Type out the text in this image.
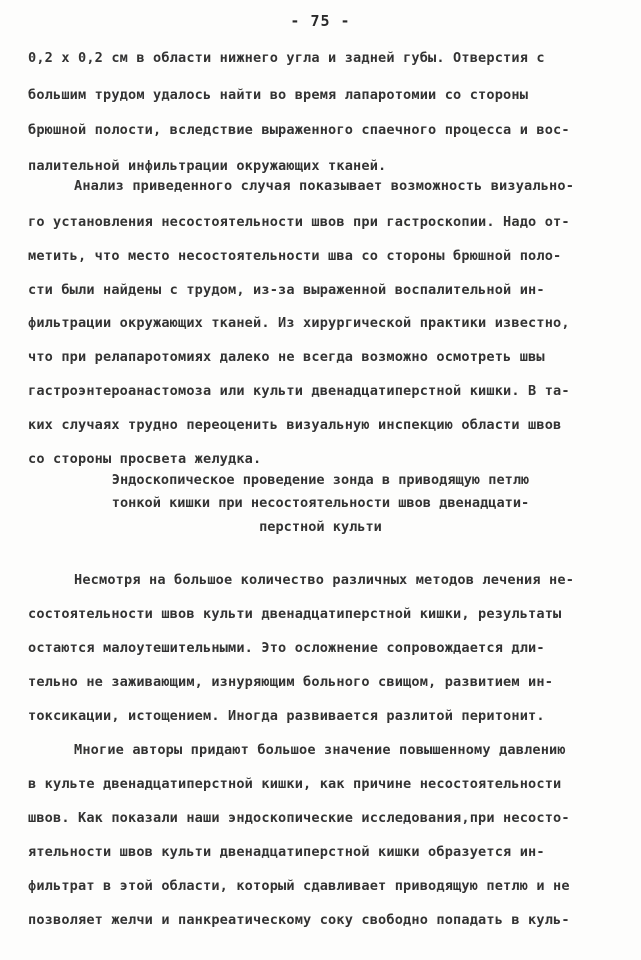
- 75 -
0,2 x 0,2 см в области нижнего угла и задней губы. Отверстия с
большим трудом удалось найти во время лапаротомии со стороны
брюшной полости, вследствие выраженного спаечного процесса и вос-
палительной инфильтрации окружающих тканей.
Анализ приведенного случая показывает возможность визуально-
го установления несостоятельности швов при гастроскопии. Надо от-
метить, что место несостоятельности шва со стороны брюшной поло-
сти были найдены с трудом, из-за выраженной воспалительной ин-
фильтрации окружающих тканей. Из хирургической практики известно,
что при релапаротомиях далеко не всегда возможно осмотреть швы
гастроэнтероанастомоза или культи двенадцатиперстной кишки. В та-
ких случаях трудно переоценить визуальную инспекцию области швов
со стороны просвета желудка.
Эндоскопическое проведение зонда в приводящую петлю
тонкой кишки при несостоятельности швов двенадцати-
перстной культи
Несмотря на большое количество различных методов лечения не-
состоятельности швов культи двенадцатиперстной кишки, результаты
остаются малоутешительными. Это осложнение сопровождается дли-
тельно не заживающим, изнуряющим больного свищом, развитием ин-
токсикации, истощением. Иногда развивается разлитой перитонит.
Многие авторы придают большое значение повышенному давлению
в культе двенадцатиперстной кишки, как причине несостоятельности
швов. Как показали наши эндоскопические исследования,при несосто-
ятельности швов культи двенадцатиперстной кишки образуется ин-
фильтрат в этой области, который сдавливает приводящую петлю и не
позволяет желчи и панкреатическому соку свободно попадать в куль-
